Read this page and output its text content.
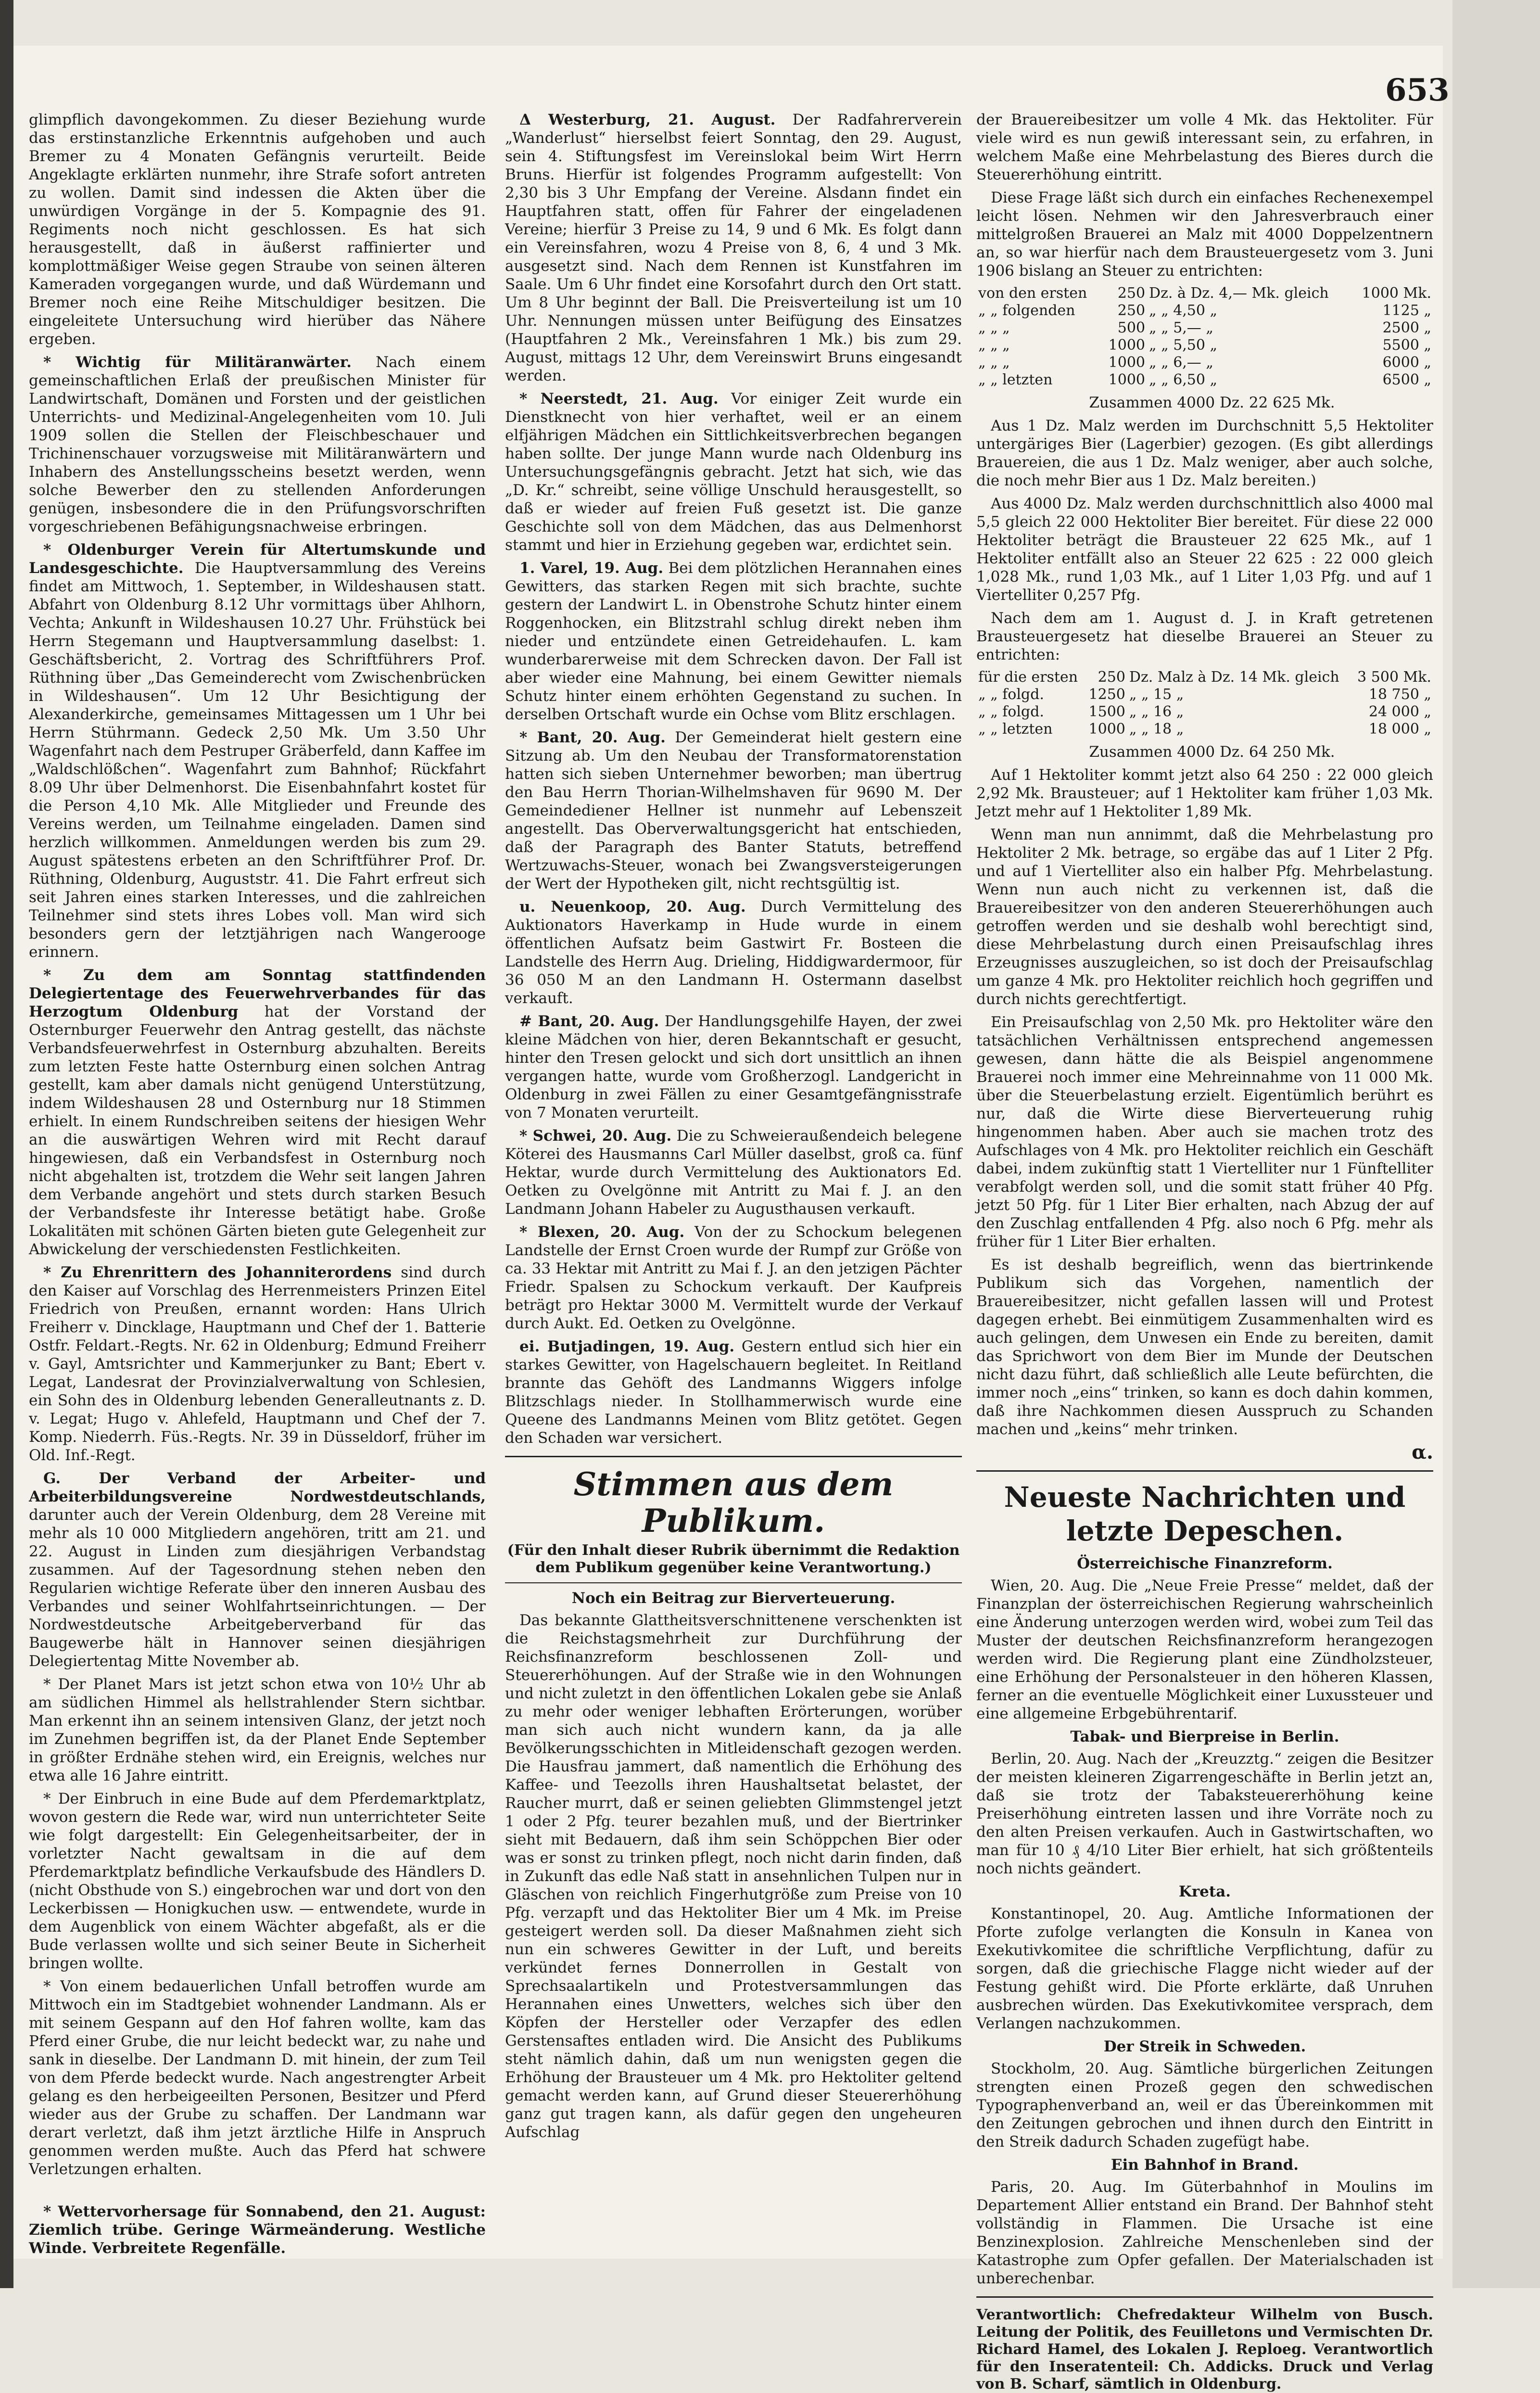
653

glimpflich davongekommen. Zu dieser Beziehung wurde das erstinstanzliche Erkenntnis aufgehoben und auch Bremer zu 4 Monaten Gefängnis verurteilt. Beide Angeklagte erklärten nunmehr, ihre Strafe sofort antreten zu wollen. Damit sind indessen die Akten über die unwürdigen Vorgänge in der 5. Kompagnie des 91. Regiments noch nicht geschlossen. Es hat sich herausgestellt, daß in äußerst raffinierter und komplottmäßiger Weise gegen Straube von seinen älteren Kameraden vorgegangen wurde, und daß Würdemann und Bremer noch eine Reihe Mitschuldiger besitzen. Die eingeleitete Untersuchung wird hierüber das Nähere ergeben.

* Wichtig für Militäranwärter. Nach einem gemeinschaftlichen Erlaß der preußischen Minister für Landwirtschaft, Domänen und Forsten und der geistlichen Unterrichts- und Medizinal-Angelegenheiten vom 10. Juli 1909 sollen die Stellen der Fleischbeschauer und Trichinenschauer vorzugsweise mit Militäranwärtern und Inhabern des Anstellungsscheins besetzt werden, wenn solche Bewerber den zu stellenden Anforderungen genügen, insbesondere die in den Prüfungsvorschriften vorgeschriebenen Befähigungsnachweise erbringen.

* Oldenburger Verein für Altertumskunde und Landesgeschichte. Die Hauptversammlung des Vereins findet am Mittwoch, 1. September, in Wildeshausen statt. Abfahrt von Oldenburg 8.12 Uhr vormittags über Ahlhorn, Vechta; Ankunft in Wildeshausen 10.27 Uhr. Frühstück bei Herrn Stegemann und Hauptversammlung daselbst: 1. Geschäftsbericht, 2. Vortrag des Schriftführers Prof. Rüthning über „Das Gemeinderecht vom Zwischenbrücken in Wildeshausen“. Um 12 Uhr Besichtigung der Alexanderkirche, gemeinsames Mittagessen um 1 Uhr bei Herrn Stührmann. Gedeck 2,50 Mk. Um 3.50 Uhr Wagenfahrt nach dem Pestruper Gräberfeld, dann Kaffee im „Waldschlößchen“. Wagenfahrt zum Bahnhof; Rückfahrt 8.09 Uhr über Delmenhorst. Die Eisenbahnfahrt kostet für die Person 4,10 Mk. Alle Mitglieder und Freunde des Vereins werden, um Teilnahme eingeladen. Damen sind herzlich willkommen. Anmeldungen werden bis zum 29. August spätestens erbeten an den Schriftführer Prof. Dr. Rüthning, Oldenburg, Auguststr. 41. Die Fahrt erfreut sich seit Jahren eines starken Interesses, und die zahlreichen Teilnehmer sind stets ihres Lobes voll. Man wird sich besonders gern der letztjährigen nach Wangerooge erinnern.

* Zu dem am Sonntag stattfindenden Delegiertentage des Feuerwehrverbandes für das Herzogtum Oldenburg hat der Vorstand der Osternburger Feuerwehr den Antrag gestellt, das nächste Verbandsfeuerwehrfest in Osternburg abzuhalten. Bereits zum letzten Feste hatte Osternburg einen solchen Antrag gestellt, kam aber damals nicht genügend Unterstützung, indem Wildeshausen 28 und Osternburg nur 18 Stimmen erhielt. In einem Rundschreiben seitens der hiesigen Wehr an die auswärtigen Wehren wird mit Recht darauf hingewiesen, daß ein Verbandsfest in Osternburg noch nicht abgehalten ist, trotzdem die Wehr seit langen Jahren dem Verbande angehört und stets durch starken Besuch der Verbandsfeste ihr Interesse betätigt habe. Große Lokalitäten mit schönen Gärten bieten gute Gelegenheit zur Abwickelung der verschiedensten Festlichkeiten.

* Zu Ehrenrittern des Johanniterordens sind durch den Kaiser auf Vorschlag des Herrenmeisters Prinzen Eitel Friedrich von Preußen, ernannt worden: Hans Ulrich Freiherr v. Dincklage, Hauptmann und Chef der 1. Batterie Ostfr. Feldart.-Regts. Nr. 62 in Oldenburg; Edmund Freiherr v. Gayl, Amtsrichter und Kammerjunker zu Bant; Ebert v. Legat, Landesrat der Provinzialverwaltung von Schlesien, ein Sohn des in Oldenburg lebenden Generalleutnants z. D. v. Legat; Hugo v. Ahlefeld, Hauptmann und Chef der 7. Komp. Niederrh. Füs.-Regts. Nr. 39 in Düsseldorf, früher im Old. Inf.-Regt.

G. Der Verband der Arbeiter- und Arbeiterbildungsvereine Nordwestdeutschlands, darunter auch der Verein Oldenburg, dem 28 Vereine mit mehr als 10 000 Mitgliedern angehören, tritt am 21. und 22. August in Linden zum diesjährigen Verbandstag zusammen. Auf der Tagesordnung stehen neben den Regularien wichtige Referate über den inneren Ausbau des Verbandes und seiner Wohlfahrtseinrichtungen. — Der Nordwestdeutsche Arbeitgeberverband für das Baugewerbe hält in Hannover seinen diesjährigen Delegiertentag Mitte November ab.

* Der Planet Mars ist jetzt schon etwa von 10½ Uhr ab am südlichen Himmel als hellstrahlender Stern sichtbar. Man erkennt ihn an seinem intensiven Glanz, der jetzt noch im Zunehmen begriffen ist, da der Planet Ende September in größter Erdnähe stehen wird, ein Ereignis, welches nur etwa alle 16 Jahre eintritt.

* Der Einbruch in eine Bude auf dem Pferdemarktplatz, wovon gestern die Rede war, wird nun unterrichteter Seite wie folgt dargestellt: Ein Gelegenheitsarbeiter, der in vorletzter Nacht gewaltsam in die auf dem Pferdemarktplatz befindliche Verkaufsbude des Händlers D. (nicht Obsthude von S.) eingebrochen war und dort von den Leckerbissen — Honigkuchen usw. — entwendete, wurde in dem Augenblick von einem Wächter abgefaßt, als er die Bude verlassen wollte und sich seiner Beute in Sicherheit bringen wollte.

* Von einem bedauerlichen Unfall betroffen wurde am Mittwoch ein im Stadtgebiet wohnender Landmann. Als er mit seinem Gespann auf den Hof fahren wollte, kam das Pferd einer Grube, die nur leicht bedeckt war, zu nahe und sank in dieselbe. Der Landmann D. mit hinein, der zum Teil von dem Pferde bedeckt wurde. Nach angestrengter Arbeit gelang es den herbeigeeilten Personen, Besitzer und Pferd wieder aus der Grube zu schaffen. Der Landmann war derart verletzt, daß ihm jetzt ärztliche Hilfe in Anspruch genommen werden mußte. Auch das Pferd hat schwere Verletzungen erhalten.

* Wettervorhersage für Sonnabend, den 21. August: Ziemlich trübe. Geringe Wärmeänderung. Westliche Winde. Verbreitete Regenfälle.

Δ Westerburg, 21. August. Der Radfahrerverein „Wanderlust“ hierselbst feiert Sonntag, den 29. August, sein 4. Stiftungsfest im Vereinslokal beim Wirt Herrn Bruns. Hierfür ist folgendes Programm aufgestellt: Von 2,30 bis 3 Uhr Empfang der Vereine. Alsdann findet ein Hauptfahren statt, offen für Fahrer der eingeladenen Vereine; hierfür 3 Preise zu 14, 9 und 6 Mk. Es folgt dann ein Vereinsfahren, wozu 4 Preise von 8, 6, 4 und 3 Mk. ausgesetzt sind. Nach dem Rennen ist Kunstfahren im Saale. Um 6 Uhr findet eine Korsofahrt durch den Ort statt. Um 8 Uhr beginnt der Ball. Die Preisverteilung ist um 10 Uhr. Nennungen müssen unter Beifügung des Einsatzes (Hauptfahren 2 Mk., Vereinsfahren 1 Mk.) bis zum 29. August, mittags 12 Uhr, dem Vereinswirt Bruns eingesandt werden.

* Neerstedt, 21. Aug. Vor einiger Zeit wurde ein Dienstknecht von hier verhaftet, weil er an einem elfjährigen Mädchen ein Sittlichkeitsverbrechen begangen haben sollte. Der junge Mann wurde nach Oldenburg ins Untersuchungsgefängnis gebracht. Jetzt hat sich, wie das „D. Kr.“ schreibt, seine völlige Unschuld herausgestellt, so daß er wieder auf freien Fuß gesetzt ist. Die ganze Geschichte soll von dem Mädchen, das aus Delmenhorst stammt und hier in Erziehung gegeben war, erdichtet sein.

1. Varel, 19. Aug. Bei dem plötzlichen Herannahen eines Gewitters, das starken Regen mit sich brachte, suchte gestern der Landwirt L. in Obenstrohe Schutz hinter einem Roggenhocken, ein Blitzstrahl schlug direkt neben ihm nieder und entzündete einen Getreidehaufen. L. kam wunderbarerweise mit dem Schrecken davon. Der Fall ist aber wieder eine Mahnung, bei einem Gewitter niemals Schutz hinter einem erhöhten Gegenstand zu suchen. In derselben Ortschaft wurde ein Ochse vom Blitz erschlagen.

* Bant, 20. Aug. Der Gemeinderat hielt gestern eine Sitzung ab. Um den Neubau der Transformatorenstation hatten sich sieben Unternehmer beworben; man übertrug den Bau Herrn Thorian-Wilhelmshaven für 9690 M. Der Gemeindediener Hellner ist nunmehr auf Lebenszeit angestellt. Das Oberverwaltungsgericht hat entschieden, daß der Paragraph des Banter Statuts, betreffend Wertzuwachs-Steuer, wonach bei Zwangsversteigerungen der Wert der Hypotheken gilt, nicht rechtsgültig ist.

u. Neuenkoop, 20. Aug. Durch Vermittelung des Auktionators Haverkamp in Hude wurde in einem öffentlichen Aufsatz beim Gastwirt Fr. Bosteen die Landstelle des Herrn Aug. Drieling, Hiddigwardermoor, für 36 050 M an den Landmann H. Ostermann daselbst verkauft.

# Bant, 20. Aug. Der Handlungsgehilfe Hayen, der zwei kleine Mädchen von hier, deren Bekanntschaft er gesucht, hinter den Tresen gelockt und sich dort unsittlich an ihnen vergangen hatte, wurde vom Großherzogl. Landgericht in Oldenburg in zwei Fällen zu einer Gesamtgefängnisstrafe von 7 Monaten verurteilt.

* Schwei, 20. Aug. Die zu Schweieraußendeich belegene Köterei des Hausmanns Carl Müller daselbst, groß ca. fünf Hektar, wurde durch Vermittelung des Auktionators Ed. Oetken zu Ovelgönne mit Antritt zu Mai f. J. an den Landmann Johann Habeler zu Augusthausen verkauft.

* Blexen, 20. Aug. Von der zu Schockum belegenen Landstelle der Ernst Croen wurde der Rumpf zur Größe von ca. 33 Hektar mit Antritt zu Mai f. J. an den jetzigen Pächter Friedr. Spalsen zu Schockum verkauft. Der Kaufpreis beträgt pro Hektar 3000 M. Vermittelt wurde der Verkauf durch Aukt. Ed. Oetken zu Ovelgönne.

ei. Butjadingen, 19. Aug. Gestern entlud sich hier ein starkes Gewitter, von Hagelschauern begleitet. In Reitland brannte das Gehöft des Landmanns Wiggers infolge Blitzschlags nieder. In Stollhammerwisch wurde eine Queene des Landmanns Meinen vom Blitz getötet. Gegen den Schaden war versichert.

Stimmen aus dem Publikum.
(Für den Inhalt dieser Rubrik übernimmt die Redaktion dem Publikum gegenüber keine Verantwortung.)
Noch ein Beitrag zur Bierverteuerung.

Das bekannte Glattheitsverschnittenene verschenkten ist die Reichstagsmehrheit zur Durchführung der Reichsfinanzreform beschlossenen Zoll- und Steuererhöhungen. Auf der Straße wie in den Wohnungen und nicht zuletzt in den öffentlichen Lokalen gebe sie Anlaß zu mehr oder weniger lebhaften Erörterungen, worüber man sich auch nicht wundern kann, da ja alle Bevölkerungsschichten in Mitleidenschaft gezogen werden. Die Hausfrau jammert, daß namentlich die Erhöhung des Kaffee- und Teezolls ihren Haushaltsetat belastet, der Raucher murrt, daß er seinen geliebten Glimmstengel jetzt 1 oder 2 Pfg. teurer bezahlen muß, und der Biertrinker sieht mit Bedauern, daß ihm sein Schöppchen Bier oder was er sonst zu trinken pflegt, noch nicht darin finden, daß in Zukunft das edle Naß statt in ansehnlichen Tulpen nur in Gläschen von reichlich Fingerhutgröße zum Preise von 10 Pfg. verzapft und das Hektoliter Bier um 4 Mk. im Preise gesteigert werden soll. Da dieser Maßnahmen zieht sich nun ein schweres Gewitter in der Luft, und bereits verkündet fernes Donnerrollen in Gestalt von Sprechsaalartikeln und Protestversammlungen das Herannahen eines Unwetters, welches sich über den Köpfen der Hersteller oder Verzapfer des edlen Gerstensaftes entladen wird. Die Ansicht des Publikums steht nämlich dahin, daß um nun wenigsten gegen die Erhöhung der Brausteuer um 4 Mk. pro Hektoliter geltend gemacht werden kann, auf Grund dieser Steuererhöhung ganz gut tragen kann, als dafür gegen den ungeheuren Aufschlag

der Brauereibesitzer um volle 4 Mk. das Hektoliter. Für viele wird es nun gewiß interessant sein, zu erfahren, in welchem Maße eine Mehrbelastung des Bieres durch die Steuererhöhung eintritt.

Diese Frage läßt sich durch ein einfaches Rechenexempel leicht lösen. Nehmen wir den Jahresverbrauch einer mittelgroßen Brauerei an Malz mit 4000 Doppelzentnern an, so war hierfür nach dem Brausteuergesetz vom 3. Juni 1906 bislang an Steuer zu entrichten:

von den ersten	250	Dz. à Dz. 4,— Mk. gleich	1000 Mk.
„ „ folgenden	250	„ „ 4,50 „	1125 „
„ „ „	500	„ „ 5,— „	2500 „
„ „ „	1000	„ „ 5,50 „	5500 „
„ „ „	1000	„ „ 6,— „	6000 „
„ „ letzten	1000	„ „ 6,50 „	6500 „

Zusammen 4000 Dz. 22 625 Mk.

Aus 1 Dz. Malz werden im Durchschnitt 5,5 Hektoliter untergäriges Bier (Lagerbier) gezogen. (Es gibt allerdings Brauereien, die aus 1 Dz. Malz weniger, aber auch solche, die noch mehr Bier aus 1 Dz. Malz bereiten.)

Aus 4000 Dz. Malz werden durchschnittlich also 4000 mal 5,5 gleich 22 000 Hektoliter Bier bereitet. Für diese 22 000 Hektoliter beträgt die Brausteuer 22 625 Mk., auf 1 Hektoliter entfällt also an Steuer 22 625 : 22 000 gleich 1,028 Mk., rund 1,03 Mk., auf 1 Liter 1,03 Pfg. und auf 1 Viertelliter 0,257 Pfg.

Nach dem am 1. August d. J. in Kraft getretenen Brausteuergesetz hat dieselbe Brauerei an Steuer zu entrichten:

für die ersten	250	Dz. Malz à Dz. 14 Mk. gleich	3 500 Mk.
„ „ folgd.	1250	„ „ 15 „	18 750 „
„ „ folgd.	1500	„ „ 16 „	24 000 „
„ „ letzten	1000	„ „ 18 „	18 000 „

Zusammen 4000 Dz. 64 250 Mk.

Auf 1 Hektoliter kommt jetzt also 64 250 : 22 000 gleich 2,92 Mk. Brausteuer; auf 1 Hektoliter kam früher 1,03 Mk. Jetzt mehr auf 1 Hektoliter 1,89 Mk.

Wenn man nun annimmt, daß die Mehrbelastung pro Hektoliter 2 Mk. betrage, so ergäbe das auf 1 Liter 2 Pfg. und auf 1 Viertelliter also ein halber Pfg. Mehrbelastung. Wenn nun auch nicht zu verkennen ist, daß die Brauereibesitzer von den anderen Steuererhöhungen auch getroffen werden und sie deshalb wohl berechtigt sind, diese Mehrbelastung durch einen Preisaufschlag ihres Erzeugnisses auszugleichen, so ist doch der Preisaufschlag um ganze 4 Mk. pro Hektoliter reichlich hoch gegriffen und durch nichts gerechtfertigt.

Ein Preisaufschlag von 2,50 Mk. pro Hektoliter wäre den tatsächlichen Verhältnissen entsprechend angemessen gewesen, dann hätte die als Beispiel angenommene Brauerei noch immer eine Mehreinnahme von 11 000 Mk. über die Steuerbelastung erzielt. Eigentümlich berührt es nur, daß die Wirte diese Bierverteuerung ruhig hingenommen haben. Aber auch sie machen trotz des Aufschlages von 4 Mk. pro Hektoliter reichlich ein Geschäft dabei, indem zukünftig statt 1 Viertelliter nur 1 Fünftelliter verabfolgt werden soll, und die somit statt früher 40 Pfg. jetzt 50 Pfg. für 1 Liter Bier erhalten, nach Abzug der auf den Zuschlag entfallenden 4 Pfg. also noch 6 Pfg. mehr als früher für 1 Liter Bier erhalten.

Es ist deshalb begreiflich, wenn das biertrinkende Publikum sich das Vorgehen, namentlich der Brauereibesitzer, nicht gefallen lassen will und Protest dagegen erhebt. Bei einmütigem Zusammenhalten wird es auch gelingen, dem Unwesen ein Ende zu bereiten, damit das Sprichwort von dem Bier im Munde der Deutschen nicht dazu führt, daß schließlich alle Leute befürchten, die immer noch „eins“ trinken, so kann es doch dahin kommen, daß ihre Nachkommen diesen Ausspruch zu Schanden machen und „keins“ mehr trinken.

α.

Neueste Nachrichten und letzte Depeschen.
Österreichische Finanzreform.

Wien, 20. Aug. Die „Neue Freie Presse“ meldet, daß der Finanzplan der österreichischen Regierung wahrscheinlich eine Änderung unterzogen werden wird, wobei zum Teil das Muster der deutschen Reichsfinanzreform herangezogen werden wird. Die Regierung plant eine Zündholzsteuer, eine Erhöhung der Personalsteuer in den höheren Klassen, ferner an die eventuelle Möglichkeit einer Luxussteuer und eine allgemeine Erbgebührentarif.

Tabak- und Bierpreise in Berlin.

Berlin, 20. Aug. Nach der „Kreuzztg.“ zeigen die Besitzer der meisten kleineren Zigarrengeschäfte in Berlin jetzt an, daß sie trotz der Tabaksteuererhöhung keine Preiserhöhung eintreten lassen und ihre Vorräte noch zu den alten Preisen verkaufen. Auch in Gastwirtschaften, wo man für 10 ₰ 4/10 Liter Bier erhielt, hat sich größtenteils noch nichts geändert.

Kreta.

Konstantinopel, 20. Aug. Amtliche Informationen der Pforte zufolge verlangten die Konsuln in Kanea von Exekutivkomitee die schriftliche Verpflichtung, dafür zu sorgen, daß die griechische Flagge nicht wieder auf der Festung gehißt wird. Die Pforte erklärte, daß Unruhen ausbrechen würden. Das Exekutivkomitee versprach, dem Verlangen nachzukommen.

Der Streik in Schweden.

Stockholm, 20. Aug. Sämtliche bürgerlichen Zeitungen strengten einen Prozeß gegen den schwedischen Typographenverband an, weil er das Übereinkommen mit den Zeitungen gebrochen und ihnen durch den Eintritt in den Streik dadurch Schaden zugefügt habe.

Ein Bahnhof in Brand.

Paris, 20. Aug. Im Güterbahnhof in Moulins im Departement Allier entstand ein Brand. Der Bahnhof steht vollständig in Flammen. Die Ursache ist eine Benzinexplosion. Zahlreiche Menschenleben sind der Katastrophe zum Opfer gefallen. Der Materialschaden ist unberechenbar.

Verantwortlich: Chefredakteur Wilhelm von Busch. Leitung der Politik, des Feuilletons und Vermischten Dr. Richard Hamel, des Lokalen J. Reploeg. Verantwortlich für den Inseratenteil: Ch. Addicks. Druck und Verlag von B. Scharf, sämtlich in Oldenburg.
